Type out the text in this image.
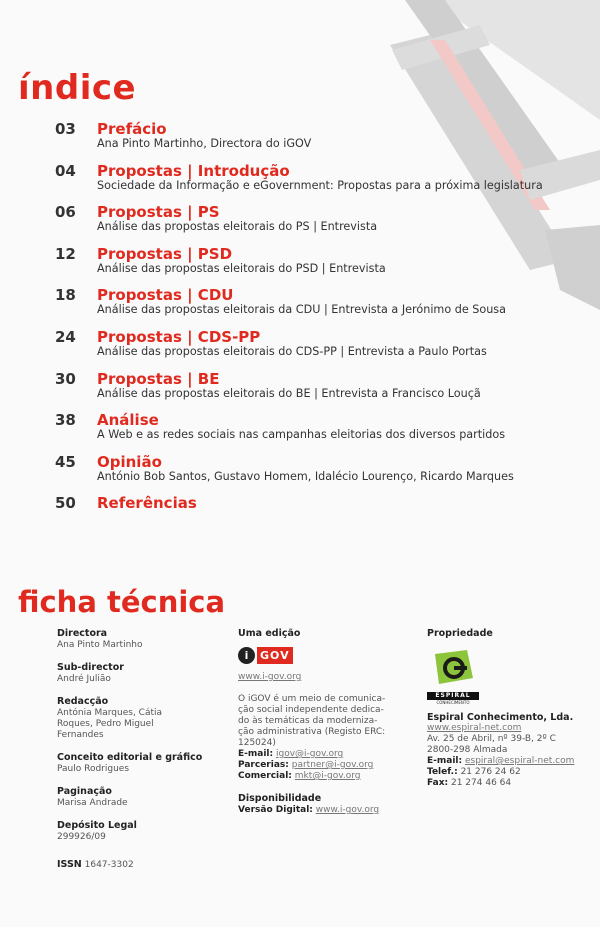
índice
03	Prefácio
Ana Pinto Martinho, Directora do iGOV
04	Propostas | Introdução
Sociedade da Informação e eGovernment: Propostas para a próxima legislatura
06	Propostas | PS
Análise das propostas eleitorais do PS | Entrevista
12	Propostas | PSD
Análise das propostas eleitorais do PSD | Entrevista
18	Propostas | CDU
Análise das propostas eleitorais da CDU | Entrevista a Jerónimo de Sousa
24	Propostas | CDS-PP
Análise das propostas eleitorais do CDS-PP | Entrevista a Paulo Portas
30	Propostas | BE
Análise das propostas eleitorais do BE | Entrevista a Francisco Louçã
38	Análise
A Web e as redes sociais nas campanhas eleitorias dos diversos partidos
45	Opinião
António Bob Santos, Gustavo Homem, Idalécio Lourenço, Ricardo Marques
50	Referências
ficha técnica
Directora
Ana Pinto Martinho
Sub-director
André Julião
Redacção
Antónia Marques, Cátia
Roques, Pedro Miguel
Fernandes
Conceito editorial e gráfico
Paulo Rodrigues
Paginação
Marisa Andrade
Depósito Legal
299926/09
ISSN 1647-3302
Uma edição
i	GOV
www.i-gov.org
O iGOV é um meio de comunica-
ção social independente dedica-
do às temáticas da moderniza-
ção administrativa (Registo ERC:
125024)
E-mail: igov@i-gov.org
Parcerias: partner@i-gov.org
Comercial: mkt@i-gov.org
Disponibilidade
Versão Digital: www.i-gov.org
Propriedade
ESPIRAL
CONHECIMENTO
Espiral Conhecimento, Lda.
www.espiral-net.com
Av. 25 de Abril, nº 39-B, 2º C
2800-298 Almada
E-mail: espiral@espiral-net.com
Telef.: 21 276 24 62
Fax: 21 274 46 64
